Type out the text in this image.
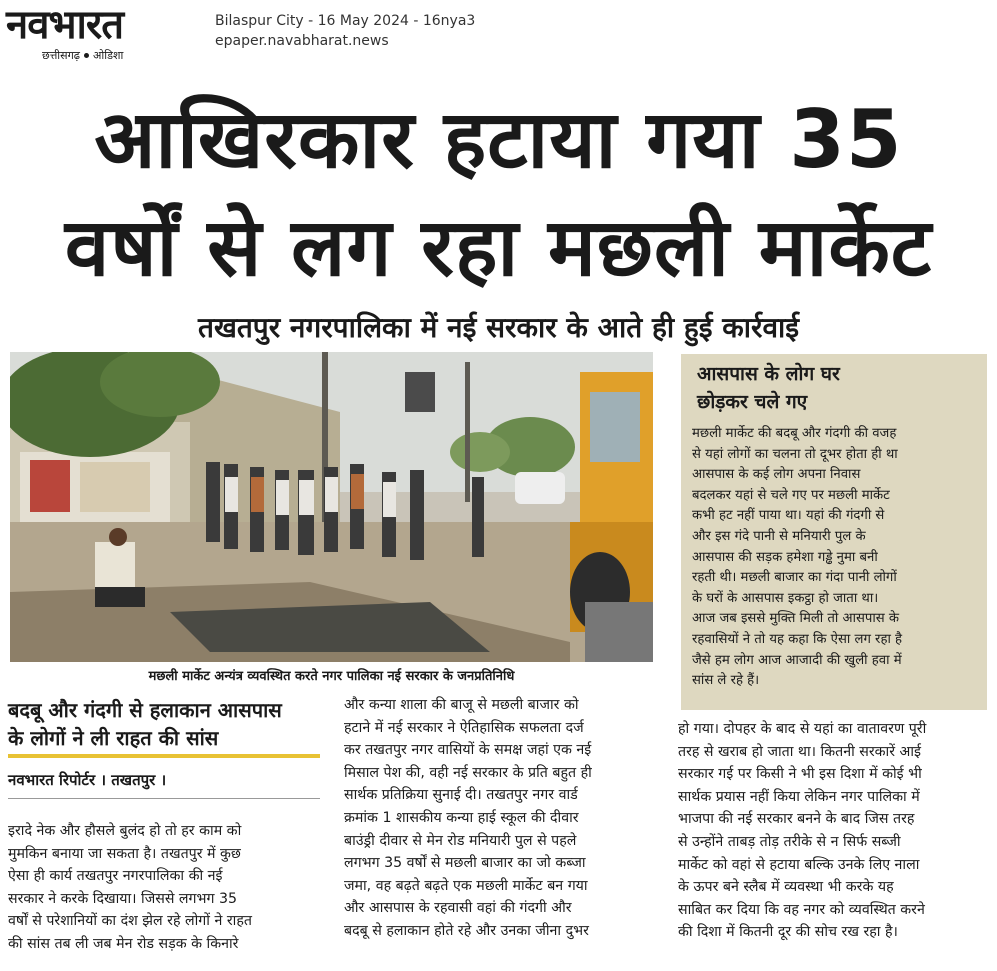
नवभारत
छत्तीसगढ़ ओडिशा
Bilaspur City - 16 May 2024 - 16nya3
epaper.navabharat.news
आखिरकार हटाया गया 35
वर्षों से लग रहा मछली मार्केट
तखतपुर नगरपालिका में नई सरकार के आते ही हुई कार्रवाई
मछली मार्केट अन्यंत्र व्यवस्थित करते नगर पालिका नई सरकार के जनप्रतिनिधि
आसपास के लोग घर
छोड़कर चले गए
मछली मार्केट की बदबू और गंदगी की वजह
से यहां लोगों का चलना तो दूभर होता ही था
आसपास के कई लोग अपना निवास
बदलकर यहां से चले गए पर मछली मार्केट
कभी हट नहीं पाया था। यहां की गंदगी से
और इस गंदे पानी से मनियारी पुल के
आसपास की सड़क हमेशा गड्ढे नुमा बनी
रहती थी। मछली बाजार का गंदा पानी लोगों
के घरों के आसपास इकट्ठा हो जाता था।
आज जब इससे मुक्ति मिली तो आसपास के
रहवासियों ने तो यह कहा कि ऐसा लग रहा है
जैसे हम लोग आज आजादी की खुली हवा में
सांस ले रहे हैं।
बदबू और गंदगी से हलाकान आसपास
के लोगों ने ली राहत की सांस
नवभारत रिपोर्टर । तखतपुर ।
इरादे नेक और हौसले बुलंद हो तो हर काम को
मुमकिन बनाया जा सकता है। तखतपुर में कुछ
ऐसा ही कार्य तखतपुर नगरपालिका की नई
सरकार ने करके दिखाया। जिससे लगभग 35
वर्षों से परेशानियों का दंश झेल रहे लोगों ने राहत
की सांस तब ली जब मेन रोड सड़क के किनारे
और कन्या शाला की बाजू से मछली बाजार को
हटाने में नई सरकार ने ऐतिहासिक सफलता दर्ज
कर तखतपुर नगर वासियों के समक्ष जहां एक नई
मिसाल पेश की, वही नई सरकार के प्रति बहुत ही
सार्थक प्रतिक्रिया सुनाई दी। तखतपुर नगर वार्ड
क्रमांक 1 शासकीय कन्या हाई स्कूल की दीवार
बाउंड्री दीवार से मेन रोड मनियारी पुल से पहले
लगभग 35 वर्षों से मछली बाजार का जो कब्जा
जमा, वह बढ़ते बढ़ते एक मछली मार्केट बन गया
और आसपास के रहवासी वहां की गंदगी और
बदबू से हलाकान होते रहे और उनका जीना दुभर
हो गया। दोपहर के बाद से यहां का वातावरण पूरी
तरह से खराब हो जाता था। कितनी सरकारें आई
सरकार गई पर किसी ने भी इस दिशा में कोई भी
सार्थक प्रयास नहीं किया लेकिन नगर पालिका में
भाजपा की नई सरकार बनने के बाद जिस तरह
से उन्होंने ताबड़ तोड़ तरीके से न सिर्फ सब्जी
मार्केट को वहां से हटाया बल्कि उनके लिए नाला
के ऊपर बने स्लैब में व्यवस्था भी करके यह
साबित कर दिया कि वह नगर को व्यवस्थित करने
की दिशा में कितनी दूर की सोच रख रहा है।
